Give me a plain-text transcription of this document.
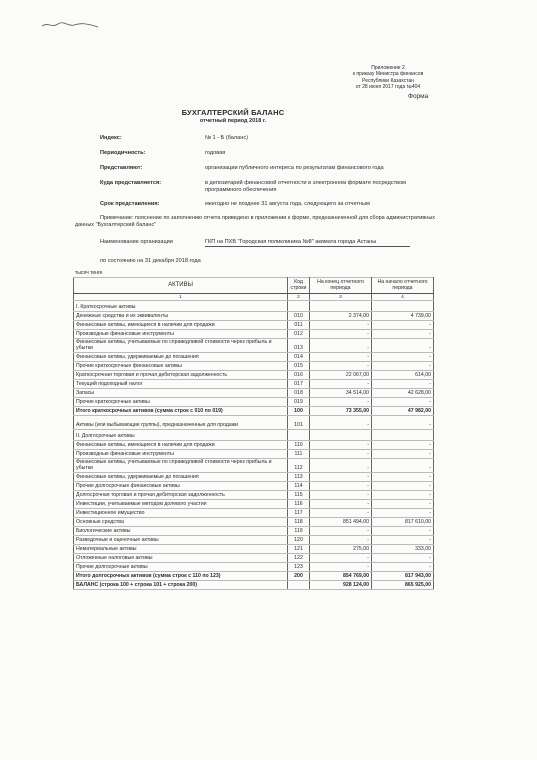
Приложение 2
к приказу Министра финансов
Республики Казахстан
от 28 июня 2017 года №404
Форма
БУХГАЛТЕРСКИЙ БАЛАНС
отчетный период 2018 г.
Индекс:	№ 1 - Б (баланс)
Периодичность:	годовая
Представляют:	организации публичного интереса по результатам финансового года
Куда представляется:	в депозитарий финансовой отчетности в электронном формате посредством программного обеспечения
Срок представления:	ежегодно не позднее 31 августа года, следующего за отчетным
Примечание: пояснение по заполнению отчета приведено в приложении к форме, предназначенной для сбора административных данных "Бухгалтерский баланс"
Наименование организации	ГКП на ПХВ "Городская поликлиника №8" акимата города Астаны
по состоянию на 31 декабря 2018 года
тысяч тенге
АКТИВЫ	Код строки	На конец отчетного периода	На начало отчетного периода
1	2	3	4
I. Краткосрочные активы			
Денежные средства и их эквиваленты	010	2 374,00	4 739,00
Финансовые активы, имеющиеся в наличии для продажи	011	-	-
Производные финансовые инструменты	012	-	-
Финансовые активы, учитываемые по справедливой стоимости через прибыль и убытки	013	-	-
Финансовые активы, удерживаемые до погашения	014	-	-
Прочие краткосрочные финансовые активы	015	-	-
Краткосрочная торговая и прочая дебиторская задолженность	016	22 067,00	614,00
Текущий подоходный налог	017	-	-
Запасы	018	34 514,00	42 628,00
Прочие краткосрочные активы	019	-	-
Итого краткосрочных активов (сумма строк с 010 по 019)	100	73 355,00	47 982,00
Активы (или выбывающие группы), предназначенные для продажи	101	-	-
II. Долгосрочные активы			
Финансовые активы, имеющиеся в наличии для продажи	110	-	-
Производные финансовые инструменты	111	-	-
Финансовые активы, учитываемые по справедливой стоимости через прибыль и убытки	112	-	-
Финансовые активы, удерживаемые до погашения	113	-	-
Прочие долгосрочные финансовые активы	114	-	-
Долгосрочная торговая и прочая дебиторская задолженность	115	-	-
Инвестиции, учитываемые методом долевого участия	116	-	-
Инвестиционное имущество	117	-	-
Основные средства	118	851 494,00	817 610,00
Биологические активы	119	-	-
Разведочные и оценочные активы	120	-	-
Нематериальные активы	121	275,00	333,00
Отложенные налоговые активы	122	-	-
Прочие долгосрочные активы	123	-	-
Итого долгосрочных активов (сумма строк с 110 по 123)	200	854 769,00	817 943,00
БАЛАНС (строка 100 + строка 101 + строка 200)		928 124,00	865 925,00
